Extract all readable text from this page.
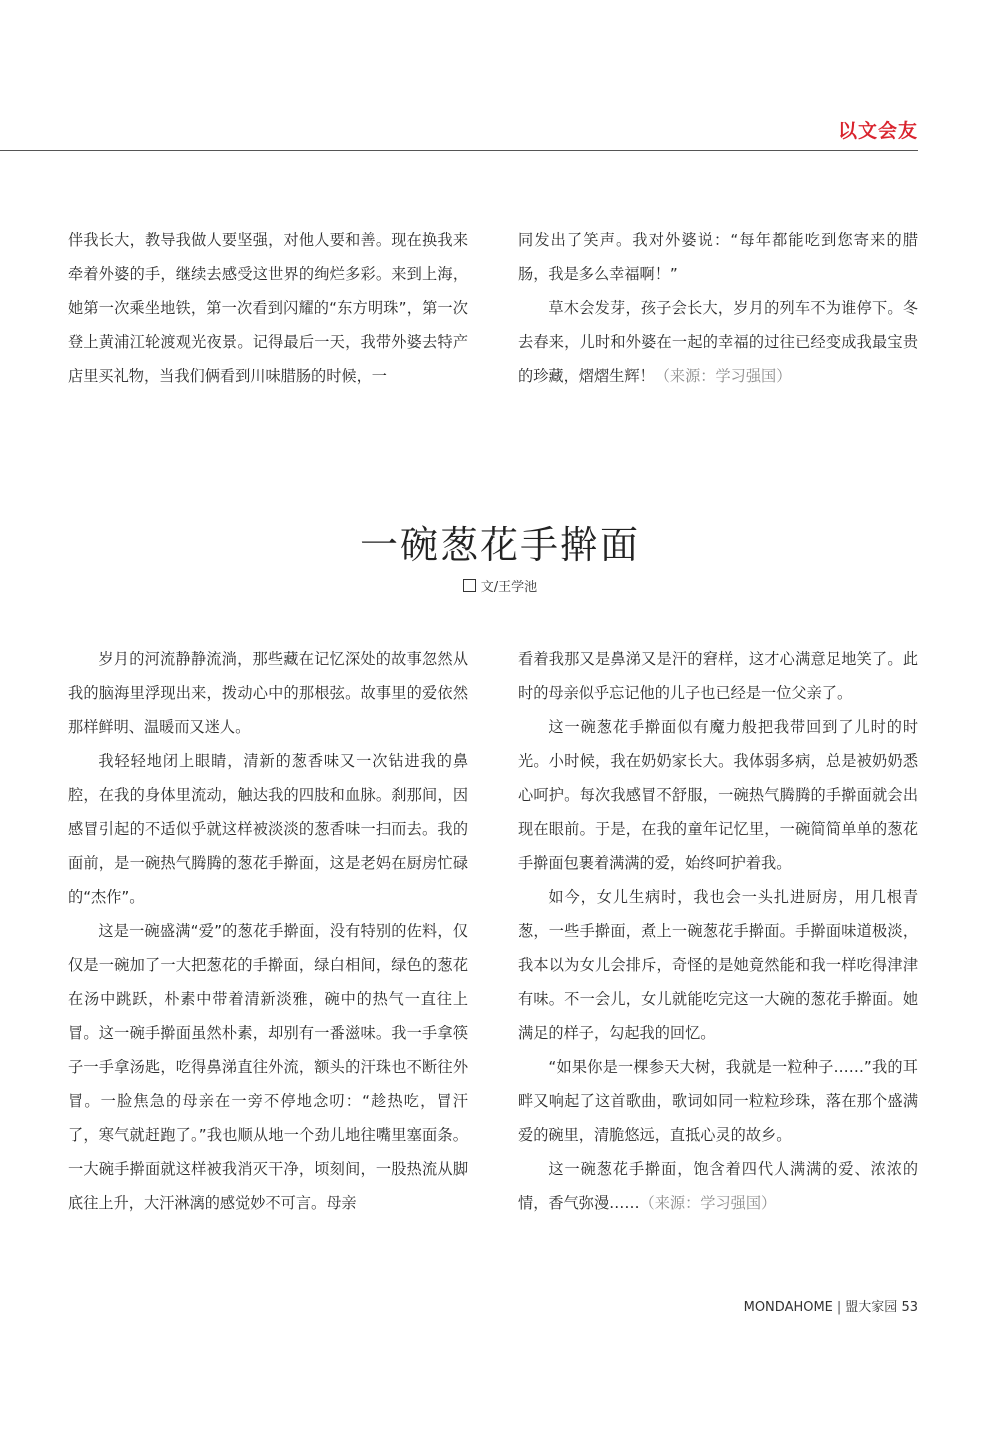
以文会友

伴我长大，教导我做人要坚强，对他人要和善。现在换我来牵着外婆的手，继续去感受这世界的绚烂多彩。来到上海，她第一次乘坐地铁，第一次看到闪耀的“东方明珠”，第一次登上黄浦江轮渡观光夜景。记得最后一天，我带外婆去特产店里买礼物，当我们俩看到川味腊肠的时候，一

同发出了笑声。我对外婆说：“每年都能吃到您寄来的腊肠，我是多么幸福啊！”

草木会发芽，孩子会长大，岁月的列车不为谁停下。冬去春来，儿时和外婆在一起的幸福的过往已经变成我最宝贵的珍藏，熠熠生辉！（来源：学习强国）

一碗葱花手擀面
文/王学池

岁月的河流静静流淌，那些藏在记忆深处的故事忽然从我的脑海里浮现出来，拨动心中的那根弦。故事里的爱依然那样鲜明、温暖而又迷人。

我轻轻地闭上眼睛，清新的葱香味又一次钻进我的鼻腔，在我的身体里流动，触达我的四肢和血脉。刹那间，因感冒引起的不适似乎就这样被淡淡的葱香味一扫而去。我的面前，是一碗热气腾腾的葱花手擀面，这是老妈在厨房忙碌的“杰作”。

这是一碗盛满“爱”的葱花手擀面，没有特别的佐料，仅仅是一碗加了一大把葱花的手擀面，绿白相间，绿色的葱花在汤中跳跃，朴素中带着清新淡雅，碗中的热气一直往上冒。这一碗手擀面虽然朴素，却别有一番滋味。我一手拿筷子一手拿汤匙，吃得鼻涕直往外流，额头的汗珠也不断往外冒。一脸焦急的母亲在一旁不停地念叨：“趁热吃，冒汗了，寒气就赶跑了。”我也顺从地一个劲儿地往嘴里塞面条。一大碗手擀面就这样被我消灭干净，顷刻间，一股热流从脚底往上升，大汗淋漓的感觉妙不可言。母亲

看着我那又是鼻涕又是汗的窘样，这才心满意足地笑了。此时的母亲似乎忘记他的儿子也已经是一位父亲了。

这一碗葱花手擀面似有魔力般把我带回到了儿时的时光。小时候，我在奶奶家长大。我体弱多病，总是被奶奶悉心呵护。每次我感冒不舒服，一碗热气腾腾的手擀面就会出现在眼前。于是，在我的童年记忆里，一碗简简单单的葱花手擀面包裹着满满的爱，始终呵护着我。

如今，女儿生病时，我也会一头扎进厨房，用几根青葱，一些手擀面，煮上一碗葱花手擀面。手擀面味道极淡，我本以为女儿会排斥，奇怪的是她竟然能和我一样吃得津津有味。不一会儿，女儿就能吃完这一大碗的葱花手擀面。她满足的样子，勾起我的回忆。

“如果你是一棵参天大树，我就是一粒种子……”我的耳畔又响起了这首歌曲，歌词如同一粒粒珍珠，落在那个盛满爱的碗里，清脆悠远，直抵心灵的故乡。

这一碗葱花手擀面，饱含着四代人满满的爱、浓浓的情，香气弥漫……（来源：学习强国）

MONDAHOME | 盟大家园 53
